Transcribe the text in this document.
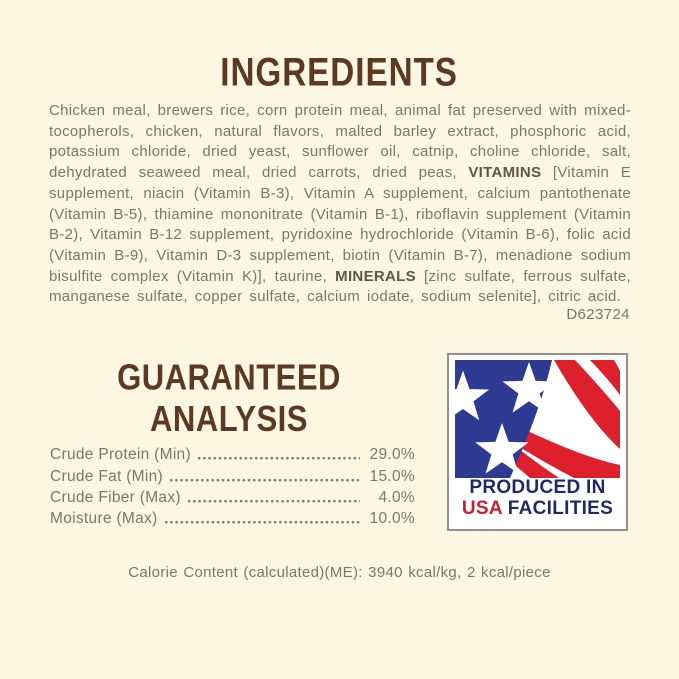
INGREDIENTS
Chicken meal, brewers rice, corn protein meal, animal fat preserved with mixed-tocopherols, chicken, natural flavors, malted barley extract, phosphoric acid, potassium chloride, dried yeast, sunflower oil, catnip, choline chloride, salt, dehydrated seaweed meal, dried carrots, dried peas, VITAMINS [Vitamin E supplement, niacin (Vitamin B-3), Vitamin A supplement, calcium pantothenate (Vitamin B-5), thiamine mononitrate (Vitamin B-1), riboflavin supplement (Vitamin B-2), Vitamin B-12 supplement, pyridoxine hydrochloride (Vitamin B-6), folic acid (Vitamin B-9), Vitamin D-3 supplement, biotin (Vitamin B-7), menadione sodium bisulfite complex (Vitamin K)], taurine, MINERALS [zinc sulfate, ferrous sulfate, manganese sulfate, copper sulfate, calcium iodate, sodium selenite], citric acid.
D623724
GUARANTEED ANALYSIS
Crude Protein (Min)	29.0%
Crude Fat (Min)	15.0%
Crude Fiber (Max)	4.0%
Moisture (Max)	10.0%
PRODUCED IN
USA FACILITIES
Calorie Content (calculated)(ME): 3940 kcal/kg, 2 kcal/piece
